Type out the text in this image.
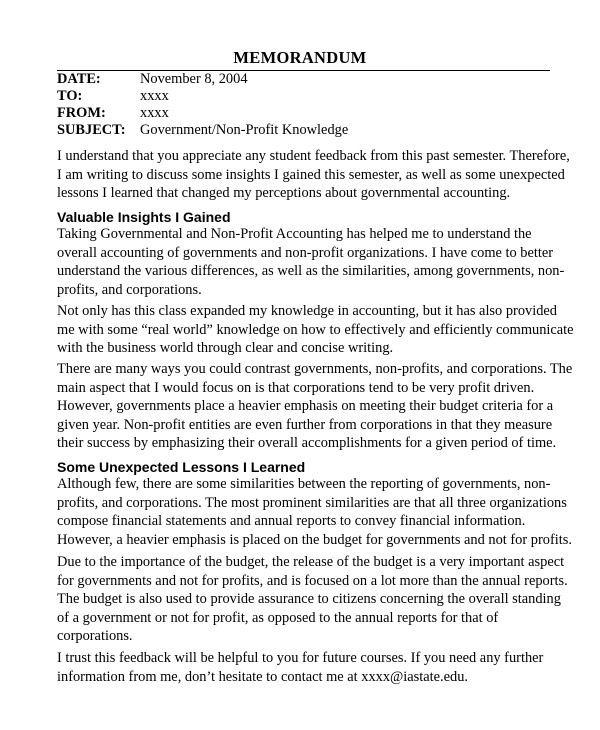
MEMORANDUM
DATE:	November 8, 2004
TO:	xxxx
FROM: xxxx
SUBJECT: Government/Non-Profit Knowledge
I understand that you appreciate any student feedback from this past semester. Therefore,
I am writing to discuss some insights I gained this semester, as well as some unexpected
lessons I learned that changed my perceptions about governmental accounting.
Valuable Insights I Gained
Taking Governmental and Non-Profit Accounting has helped me to understand the
overall accounting of governments and non-profit organizations. I have come to better
understand the various differences, as well as the similarities, among governments, non-
profits, and corporations.
Not only has this class expanded my knowledge in accounting, but it has also provided
me with some “real world” knowledge on how to effectively and efficiently communicate
with the business world through clear and concise writing.
There are many ways you could contrast governments, non-profits, and corporations. The
main aspect that I would focus on is that corporations tend to be very profit driven.
However, governments place a heavier emphasis on meeting their budget criteria for a
given year. Non-profit entities are even further from corporations in that they measure
their success by emphasizing their overall accomplishments for a given period of time.
Some Unexpected Lessons I Learned
Although few, there are some similarities between the reporting of governments, non-
profits, and corporations. The most prominent similarities are that all three organizations
compose financial statements and annual reports to convey financial information.
However, a heavier emphasis is placed on the budget for governments and not for profits.
Due to the importance of the budget, the release of the budget is a very important aspect
for governments and not for profits, and is focused on a lot more than the annual reports.
The budget is also used to provide assurance to citizens concerning the overall standing
of a government or not for profit, as opposed to the annual reports for that of
corporations.
I trust this feedback will be helpful to you for future courses. If you need any further
information from me, don’t hesitate to contact me at xxxx@iastate.edu.
